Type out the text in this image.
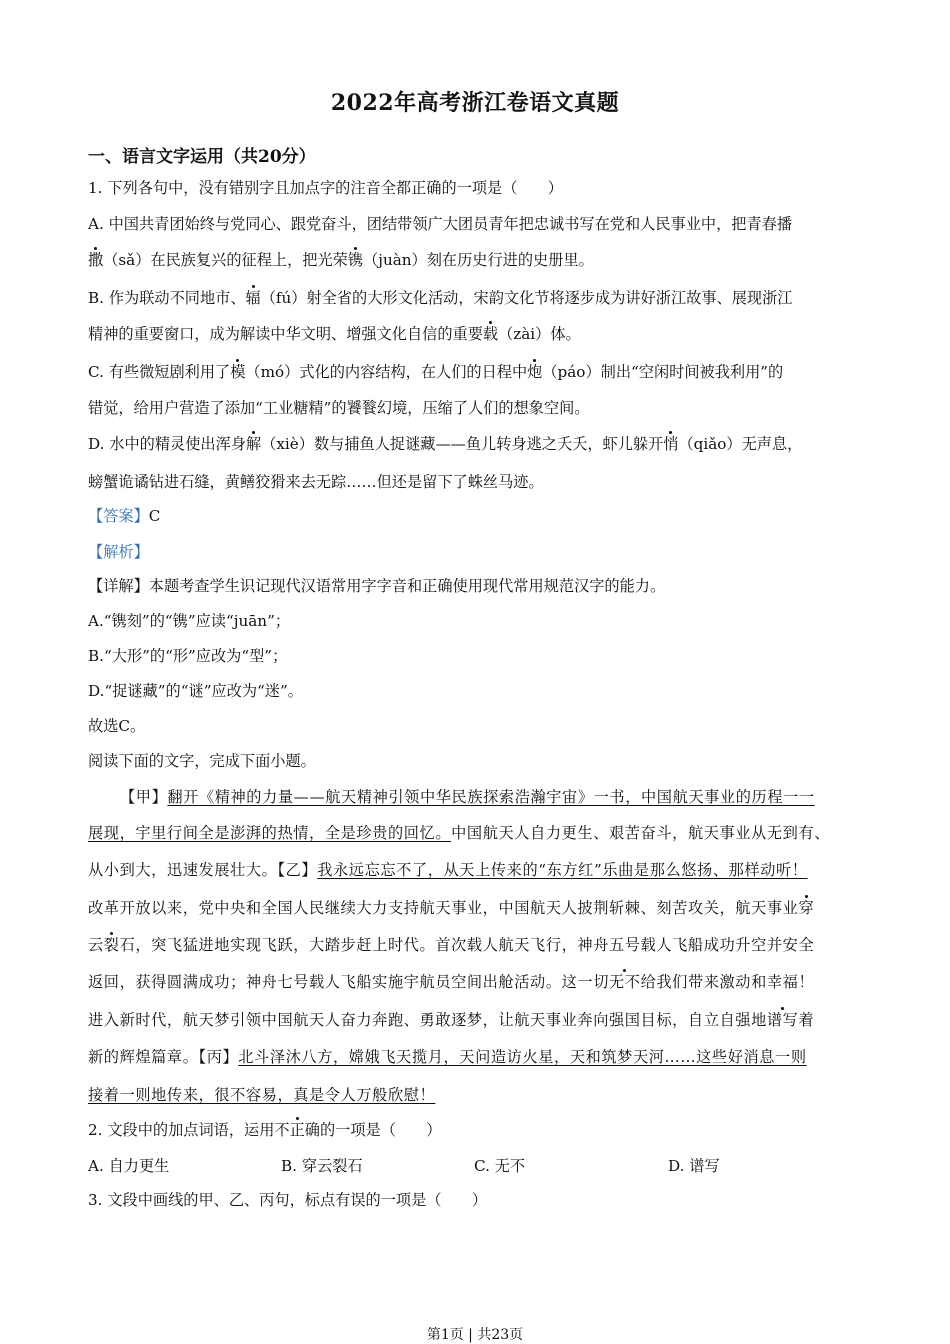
2022年高考浙江卷语文真题
一、语言文字运用（共20分）
1. 下列各句中，没有错别字且加点字的注音全都正确的一项是（　　）
A. 中国共青团始终与党同心、跟党奋斗，团结带领广大团员青年把忠诚书写在党和人民事业中，把青春播
撒（sǎ）在民族复兴的征程上，把光荣镌（juàn）刻在历史行进的史册里。
B. 作为联动不同地市、辐（fú）射全省的大形文化活动，宋韵文化节将逐步成为讲好浙江故事、展现浙江
精神的重要窗口，成为解读中华文明、增强文化自信的重要载（zài）体。
C. 有些微短剧利用了模（mó）式化的内容结构，在人们的日程中炮（páo）制出“空闲时间被我利用”的
错觉，给用户营造了添加“工业糖精”的饕餮幻境，压缩了人们的想象空间。
D. 水中的精灵使出浑身解（xiè）数与捕鱼人捉谜藏——鱼儿转身逃之夭夭，虾儿躲开悄（qiǎo）无声息，
螃蟹诡谲钻进石缝，黄鳝狡猾来去无踪……但还是留下了蛛丝马迹。
【答案】C
【解析】
【详解】本题考查学生识记现代汉语常用字字音和正确使用现代常用规范汉字的能力。
A.“镌刻”的“镌”应读“juān”；
B.“大形”的“形”应改为“型”；
D.“捉谜藏”的“谜”应改为“迷”。
故选C。
阅读下面的文字，完成下面小题。
【甲】翻开《精神的力量——航天精神引领中华民族探索浩瀚宇宙》一书，中国航天事业的历程一一
展现，宇里行间全是澎湃的热情，全是珍贵的回忆。中国航天人自力更生、艰苦奋斗，航天事业从无到有、
从小到大，迅速发展壮大。【乙】我永远忘忘不了，从天上传来的“东方红”乐曲是那么悠扬、那样动听！
改革开放以来，党中央和全国人民继续大力支持航天事业，中国航天人披荆斩棘、刻苦攻关，航天事业穿
云裂石，突飞猛进地实现飞跃，大踏步赶上时代。首次载人航天飞行，神舟五号载人飞船成功升空并安全
返回，获得圆满成功；神舟七号载人飞船实施宇航员空间出舱活动。这一切无不给我们带来激动和幸福！
进入新时代，航天梦引领中国航天人奋力奔跑、勇敢逐梦，让航天事业奔向强国目标，自立自强地谱写着
新的辉煌篇章。【丙】北斗泽沐八方，嫦娥飞天揽月，天问造访火星，天和筑梦天河……这些好消息一则
接着一则地传来，很不容易，真是令人万般欣慰！
2. 文段中的加点词语，运用不正确的一项是（　　）
A. 自力更生	B. 穿云裂石	C. 无不	D. 谱写
3. 文段中画线的甲、乙、丙句，标点有误的一项是（　　）
第1页 | 共23页
